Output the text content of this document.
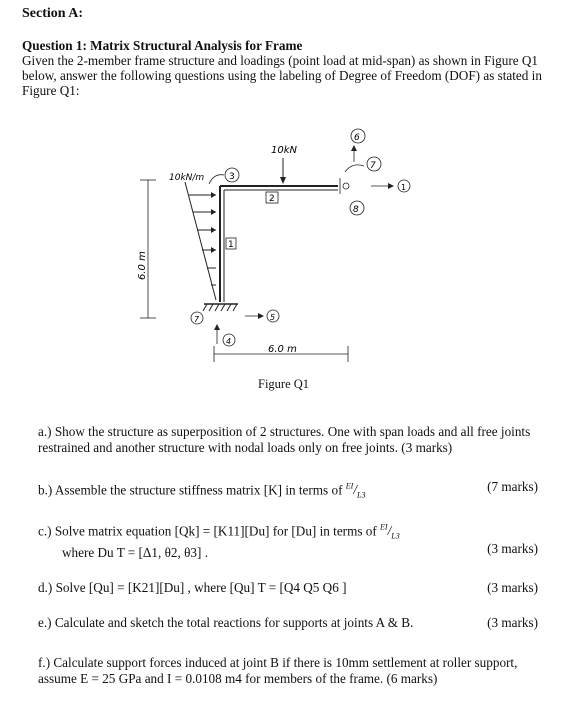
Section A:
Question 1: Matrix Structural Analysis for Frame
Given the 2-member frame structure and loadings (point load at mid-span) as shown in Figure Q1 below, answer the following questions using the labeling of Degree of Freedom (DOF) as stated in Figure Q1:
10kN
10kN/m
2
1
6
7
1
8
3
7	5
4
6.0 m
6.0 m
Figure Q1
a.) Show the structure as superposition of 2 structures. One with span loads and all free joints restrained and another structure with nodal loads only on free joints. (3 marks)
b.) Assemble the structure stiffness matrix [K] in terms of $^{EI}/_{L3}$
(7 marks)
c.) Solve matrix equation [Qk] = [K11][Du] for [Du] in terms of $^{EI}/_{L3}$
where Du T = [Δ1, θ2, θ3] .	(3 marks)
d.) Solve [Qu] = [K21][Du] , where [Qu] T = [Q4 Q5 Q6 ]	(3 marks)
e.) Calculate and sketch the total reactions for supports at joints A & B.	(3 marks)
f.) Calculate support forces induced at joint B if there is 10mm settlement at roller support, assume E = 25 GPa and I = 0.0108 m4 for members of the frame. (6 marks)
